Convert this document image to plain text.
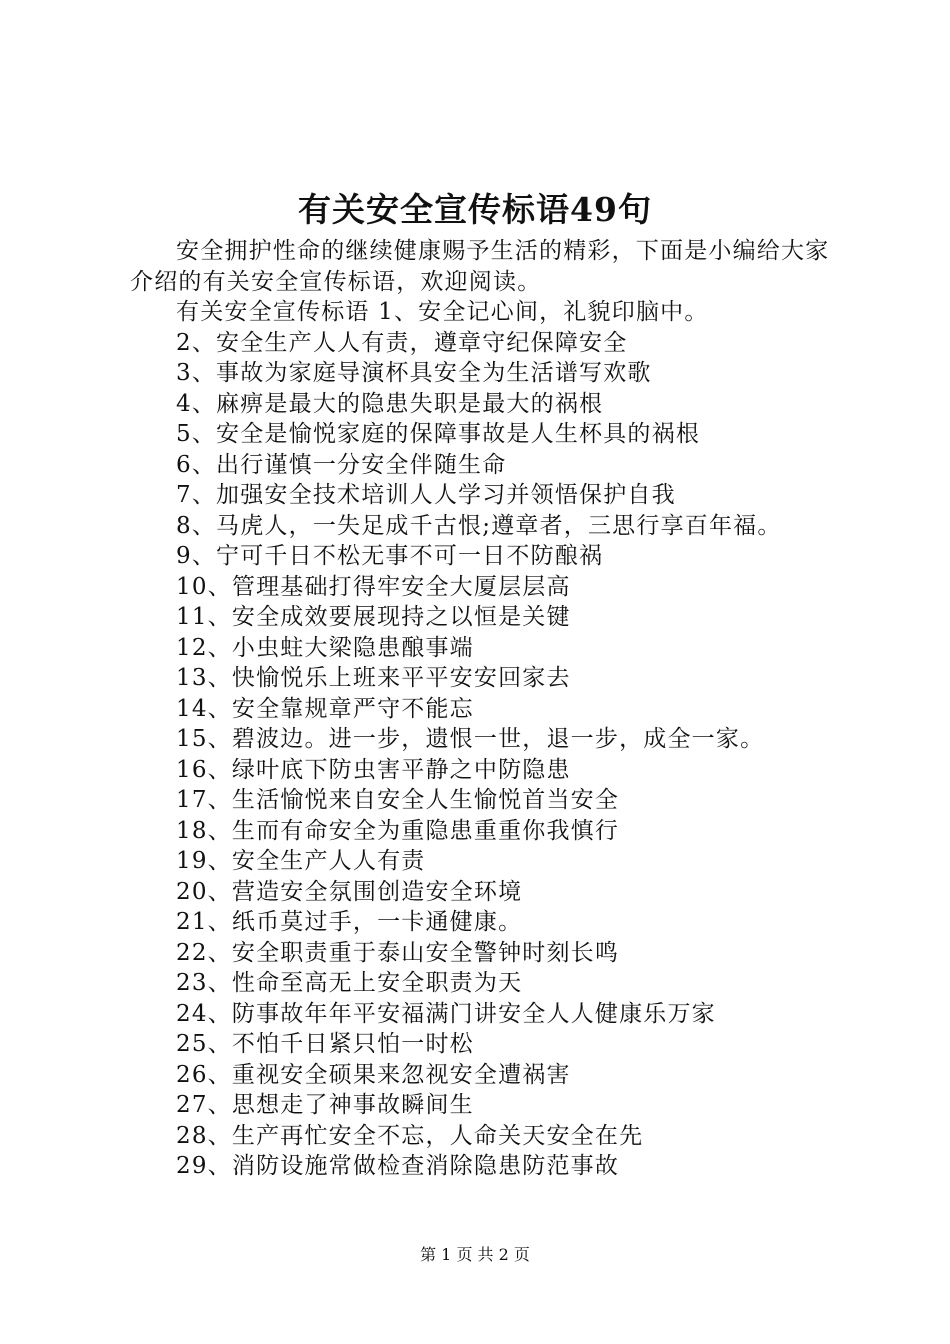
有关安全宣传标语49句

安全拥护性命的继续健康赐予生活的精彩，下面是小编给大家介绍的有关安全宣传标语，欢迎阅读。

有关安全宣传标语 1、安全记心间，礼貌印脑中。

2、安全生产人人有责，遵章守纪保障安全

3、事故为家庭导演杯具安全为生活谱写欢歌

4、麻痹是最大的隐患失职是最大的祸根

5、安全是愉悦家庭的保障事故是人生杯具的祸根

6、出行谨慎一分安全伴随生命

7、加强安全技术培训人人学习并领悟保护自我

8、马虎人，一失足成千古恨;遵章者，三思行享百年福。

9、宁可千日不松无事不可一日不防酿祸

10、管理基础打得牢安全大厦层层高

11、安全成效要展现持之以恒是关键

12、小虫蛀大梁隐患酿事端

13、快愉悦乐上班来平平安安回家去

14、安全靠规章严守不能忘

15、碧波边。进一步，遗恨一世，退一步，成全一家。

16、绿叶底下防虫害平静之中防隐患

17、生活愉悦来自安全人生愉悦首当安全

18、生而有命安全为重隐患重重你我慎行

19、安全生产人人有责

20、营造安全氛围创造安全环境

21、纸币莫过手，一卡通健康。

22、安全职责重于泰山安全警钟时刻长鸣

23、性命至高无上安全职责为天

24、防事故年年平安福满门讲安全人人健康乐万家

25、不怕千日紧只怕一时松

26、重视安全硕果来忽视安全遭祸害

27、思想走了神事故瞬间生

28、生产再忙安全不忘，人命关天安全在先

29、消防设施常做检查消除隐患防范事故

第 1 页 共 2 页
